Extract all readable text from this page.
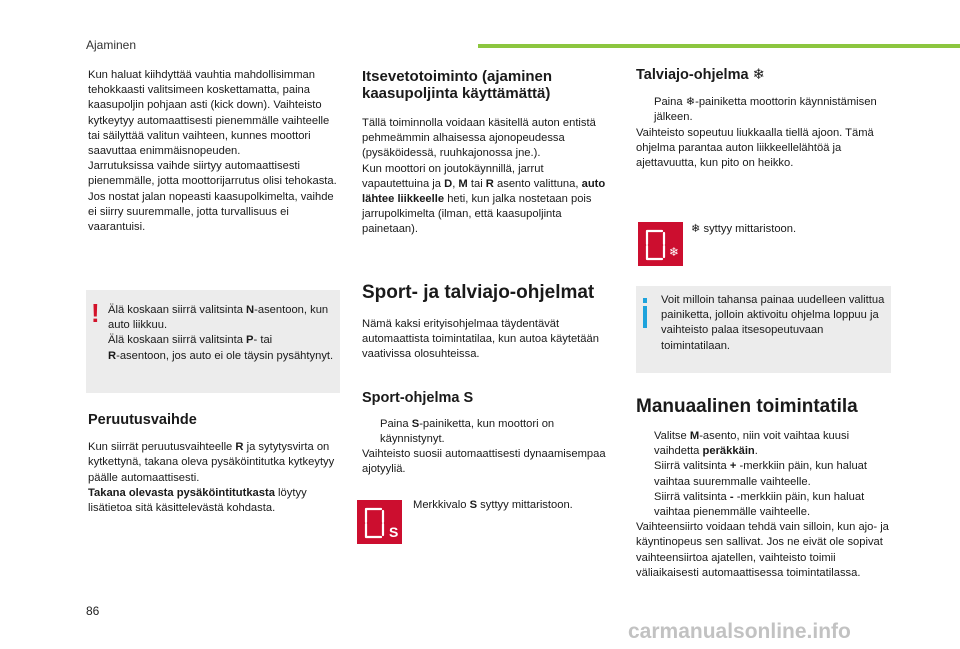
Ajaminen

Kun haluat kiihdyttää vauhtia mahdollisimman tehokkaasti valitsimeen koskettamatta, paina kaasupoljin pohjaan asti (kick down). Vaihteisto kytkeytyy automaattisesti pienemmälle vaihteelle tai säilyttää valitun vaihteen, kunnes moottori saavuttaa enimmäisnopeuden.

Jarrutuksissa vaihde siirtyy automaattisesti pienemmälle, jotta moottorijarrutus olisi tehokasta.

Jos nostat jalan nopeasti kaasupolkimelta, vaihde ei siirry suuremmalle, jotta turvallisuus ei vaarantuisi.

! Älä koskaan siirrä valitsinta N-asentoon, kun auto liikkuu.
Älä koskaan siirrä valitsinta P- tai
R-asentoon, jos auto ei ole täysin pysähtynyt.

Peruutusvaihde

Kun siirrät peruutusvaihteelle R ja sytytysvirta on kytkettynä, takana oleva pysäköintitutka kytkeytyy päälle automaattisesti.
Takana olevasta pysäköintitutkasta löytyy lisätietoa sitä käsittelevästä kohdasta.

Itsevetotoiminto (ajaminen kaasupoljinta käyttämättä)

Tällä toiminnolla voidaan käsitellä auton entistä pehmeämmin alhaisessa ajonopeudessa (pysäköidessä, ruuhkajonossa jne.).

Kun moottori on joutokäynnillä, jarrut vapautettuina ja D, M tai R asento valittuna, auto lähtee liikkeelle heti, kun jalka nostetaan pois jarrupolkimelta (ilman, että kaasupoljinta painetaan).

Sport- ja talviajo-ohjelmat

Nämä kaksi erityisohjelmaa täydentävät automaattista toimintatilaa, kun autoa käytetään vaativissa olosuhteissa.

Sport-ohjelma S

Paina S-painiketta, kun moottori on käynnistynyt.

Vaihteisto suosii automaattisesti dynaamisempaa ajotyyliä.

S
Merkkivalo S syttyy mittaristoon.

Talviajo-ohjelma ❄

Paina ❄-painiketta moottorin käynnistämisen jälkeen.

Vaihteisto sopeutuu liukkaalla tiellä ajoon. Tämä ohjelma parantaa auton liikkeellelähtöä ja ajettavuutta, kun pito on heikko.

❄
❄ syttyy mittaristoon.
Voit milloin tahansa painaa uudelleen valittua painiketta, jolloin aktivoitu ohjelma loppuu ja vaihteisto palaa itsesopeutuvaan toimintatilaan.

Manuaalinen toimintatila

Valitse M-asento, niin voit vaihtaa kuusi vaihdetta peräkkäin.

Siirrä valitsinta + -merkkiin päin, kun haluat vaihtaa suuremmalle vaihteelle.

Siirrä valitsinta - -merkkiin päin, kun haluat vaihtaa pienemmälle vaihteelle.

Vaihteensiirto voidaan tehdä vain silloin, kun ajo- ja käyntinopeus sen sallivat. Jos ne eivät ole sopivat vaihteensiirtoa ajatellen, vaihteisto toimii väliaikaisesti automaattisessa toimintatilassa.

86
carmanualsonline.info
